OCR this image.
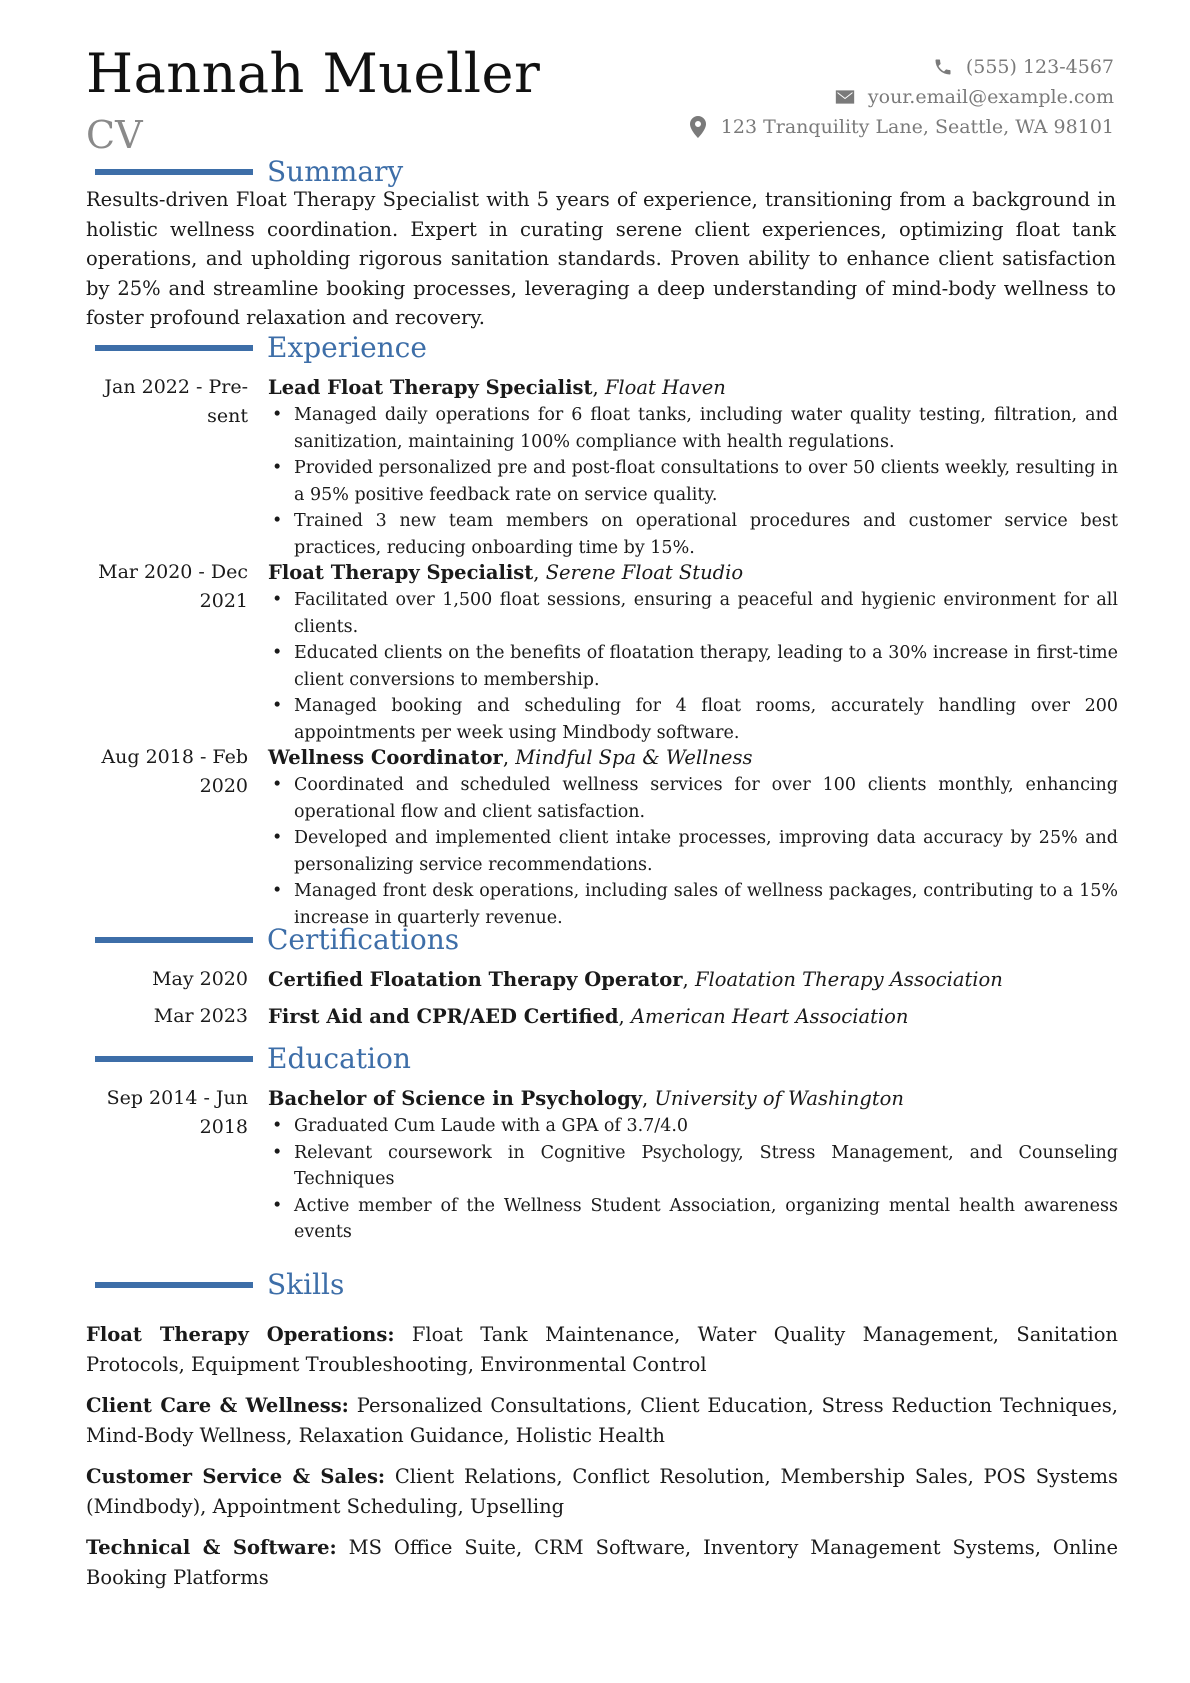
Hannah Mueller
CV
(555) 123-4567
your.email@example.com
123 Tranquility Lane, Seattle, WA 98101
Summary
Results-driven Float Therapy Specialist with 5 years of experience, transitioning from a background in holistic wellness coordination. Expert in curating serene client experiences, optimizing float tank operations, and upholding rigorous sanitation standards. Proven ability to enhance client satisfaction by 25% and streamline booking processes, leveraging a deep understanding of mind-body wellness to foster profound relaxation and recovery.
Experience
Jan 2022 - Pre-
sent
Lead Float Therapy Specialist, Float Haven
• Managed daily operations for 6 float tanks, including water quality testing, filtration, and sanitization, maintaining 100% compliance with health regulations.
• Provided personalized pre and post-float consultations to over 50 clients weekly, resulting in a 95% positive feedback rate on service quality.
• Trained 3 new team members on operational procedures and customer service best practices, reducing onboarding time by 15%.
Mar 2020 - Dec
2021
Float Therapy Specialist, Serene Float Studio
• Facilitated over 1,500 float sessions, ensuring a peaceful and hygienic environment for all clients.
• Educated clients on the benefits of floatation therapy, leading to a 30% increase in first-time client conversions to membership.
• Managed booking and scheduling for 4 float rooms, accurately handling over 200 appointments per week using Mindbody software.
Aug 2018 - Feb
2020
Wellness Coordinator, Mindful Spa & Wellness
• Coordinated and scheduled wellness services for over 100 clients monthly, enhancing operational flow and client satisfaction.
• Developed and implemented client intake processes, improving data accuracy by 25% and personalizing service recommendations.
• Managed front desk operations, including sales of wellness packages, contributing to a 15% increase in quarterly revenue.
Certifications
May 2020 Certified Floatation Therapy Operator, Floatation Therapy Association
Mar 2023 First Aid and CPR/AED Certified, American Heart Association
Education
Sep 2014 - Jun
2018
Bachelor of Science in Psychology, University of Washington
• Graduated Cum Laude with a GPA of 3.7/4.0
• Relevant coursework in Cognitive Psychology, Stress Management, and Counseling Techniques
• Active member of the Wellness Student Association, organizing mental health awareness events
Skills
Float Therapy Operations: Float Tank Maintenance, Water Quality Management, Sanitation Protocols, Equipment Troubleshooting, Environmental Control
Client Care & Wellness: Personalized Consultations, Client Education, Stress Reduction Techniques, Mind-Body Wellness, Relaxation Guidance, Holistic Health
Customer Service & Sales: Client Relations, Conflict Resolution, Membership Sales, POS Systems (Mindbody), Appointment Scheduling, Upselling
Technical & Software: MS Office Suite, CRM Software, Inventory Management Systems, Online Booking Platforms
